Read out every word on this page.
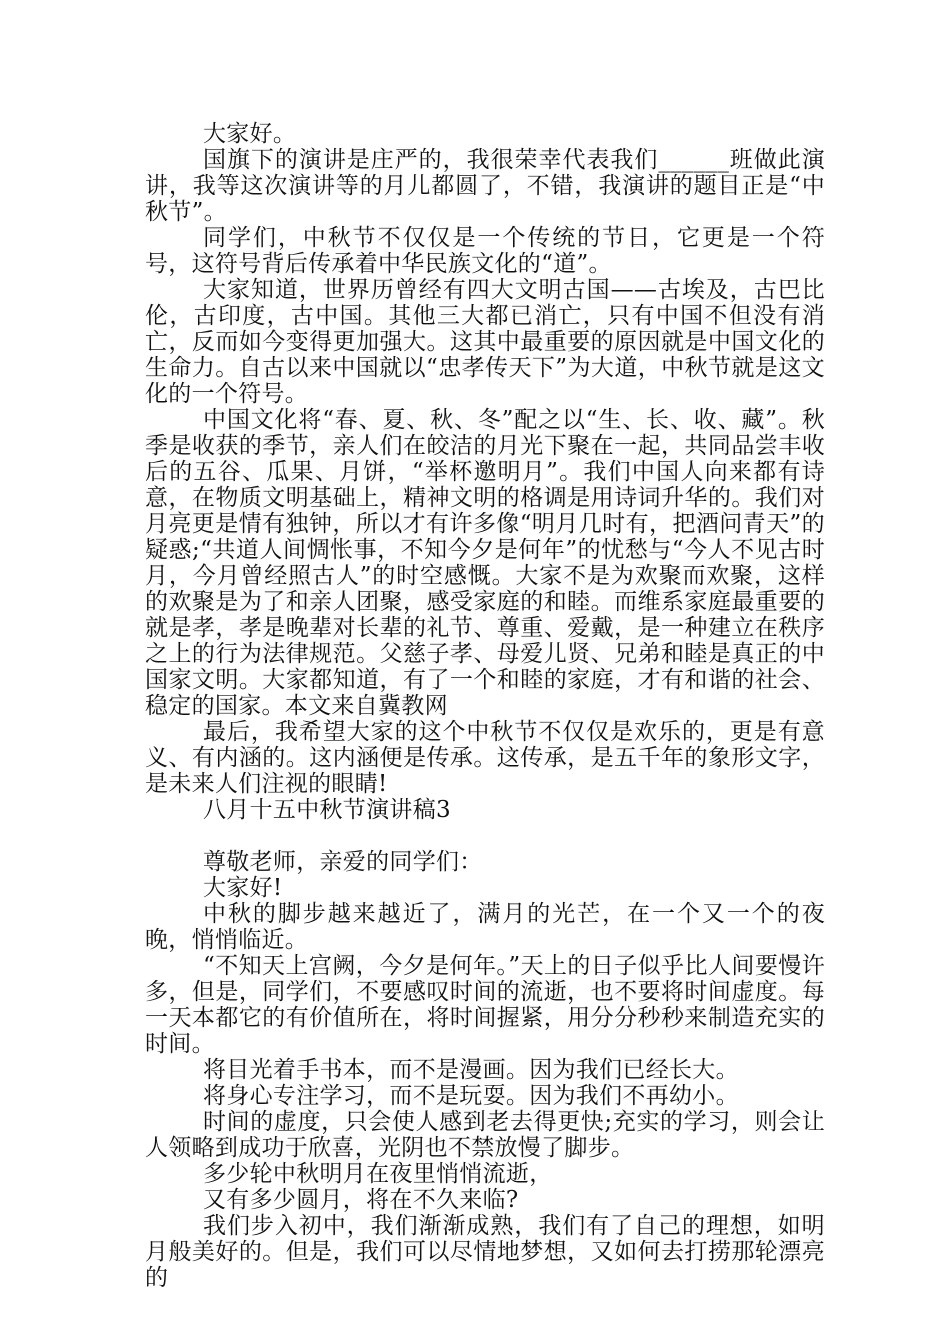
大家好。

国旗下的演讲是庄严的，我很荣幸代表我们______班做此演讲，我等这次演讲等的月儿都圆了，不错，我演讲的题目正是“中秋节”。

同学们，中秋节不仅仅是一个传统的节日，它更是一个符号，这符号背后传承着中华民族文化的“道”。

大家知道，世界历曾经有四大文明古国——古埃及，古巴比伦，古印度，古中国。其他三大都已消亡，只有中国不但没有消亡，反而如今变得更加强大。这其中最重要的原因就是中国文化的生命力。自古以来中国就以“忠孝传天下”为大道，中秋节就是这文化的一个符号。

中国文化将“春、夏、秋、冬”配之以“生、长、收、藏”。秋季是收获的季节，亲人们在皎洁的月光下聚在一起，共同品尝丰收后的五谷、瓜果、月饼，“举杯邀明月”。我们中国人向来都有诗意，在物质文明基础上，精神文明的格调是用诗词升华的。我们对月亮更是情有独钟，所以才有许多像“明月几时有，把酒问青天”的疑惑;“共道人间惆怅事，不知今夕是何年”的忧愁与“今人不见古时月，今月曾经照古人”的时空感慨。大家不是为欢聚而欢聚，这样的欢聚是为了和亲人团聚，感受家庭的和睦。而维系家庭最重要的就是孝，孝是晚辈对长辈的礼节、尊重、爱戴，是一种建立在秩序之上的行为法律规范。父慈子孝、母爱儿贤、兄弟和睦是真正的中国家文明。大家都知道，有了一个和睦的家庭，才有和谐的社会、稳定的国家。本文来自冀教网

最后，我希望大家的这个中秋节不仅仅是欢乐的，更是有意义、有内涵的。这内涵便是传承。这传承，是五千年的象形文字，是未来人们注视的眼睛!

八月十五中秋节演讲稿3

尊敬老师，亲爱的同学们：

大家好!

中秋的脚步越来越近了，满月的光芒，在一个又一个的夜晚，悄悄临近。

“不知天上宫阙，今夕是何年。”天上的日子似乎比人间要慢许多，但是，同学们，不要感叹时间的流逝，也不要将时间虚度。每一天本都它的有价值所在，将时间握紧，用分分秒秒来制造充实的时间。

将目光着手书本，而不是漫画。因为我们已经长大。

将身心专注学习，而不是玩耍。因为我们不再幼小。

时间的虚度，只会使人感到老去得更快;充实的学习，则会让人领略到成功于欣喜，光阴也不禁放慢了脚步。

多少轮中秋明月在夜里悄悄流逝，

又有多少圆月，将在不久来临?

我们步入初中，我们渐渐成熟，我们有了自己的理想，如明月般美好的。但是，我们可以尽情地梦想，又如何去打捞那轮漂亮的
